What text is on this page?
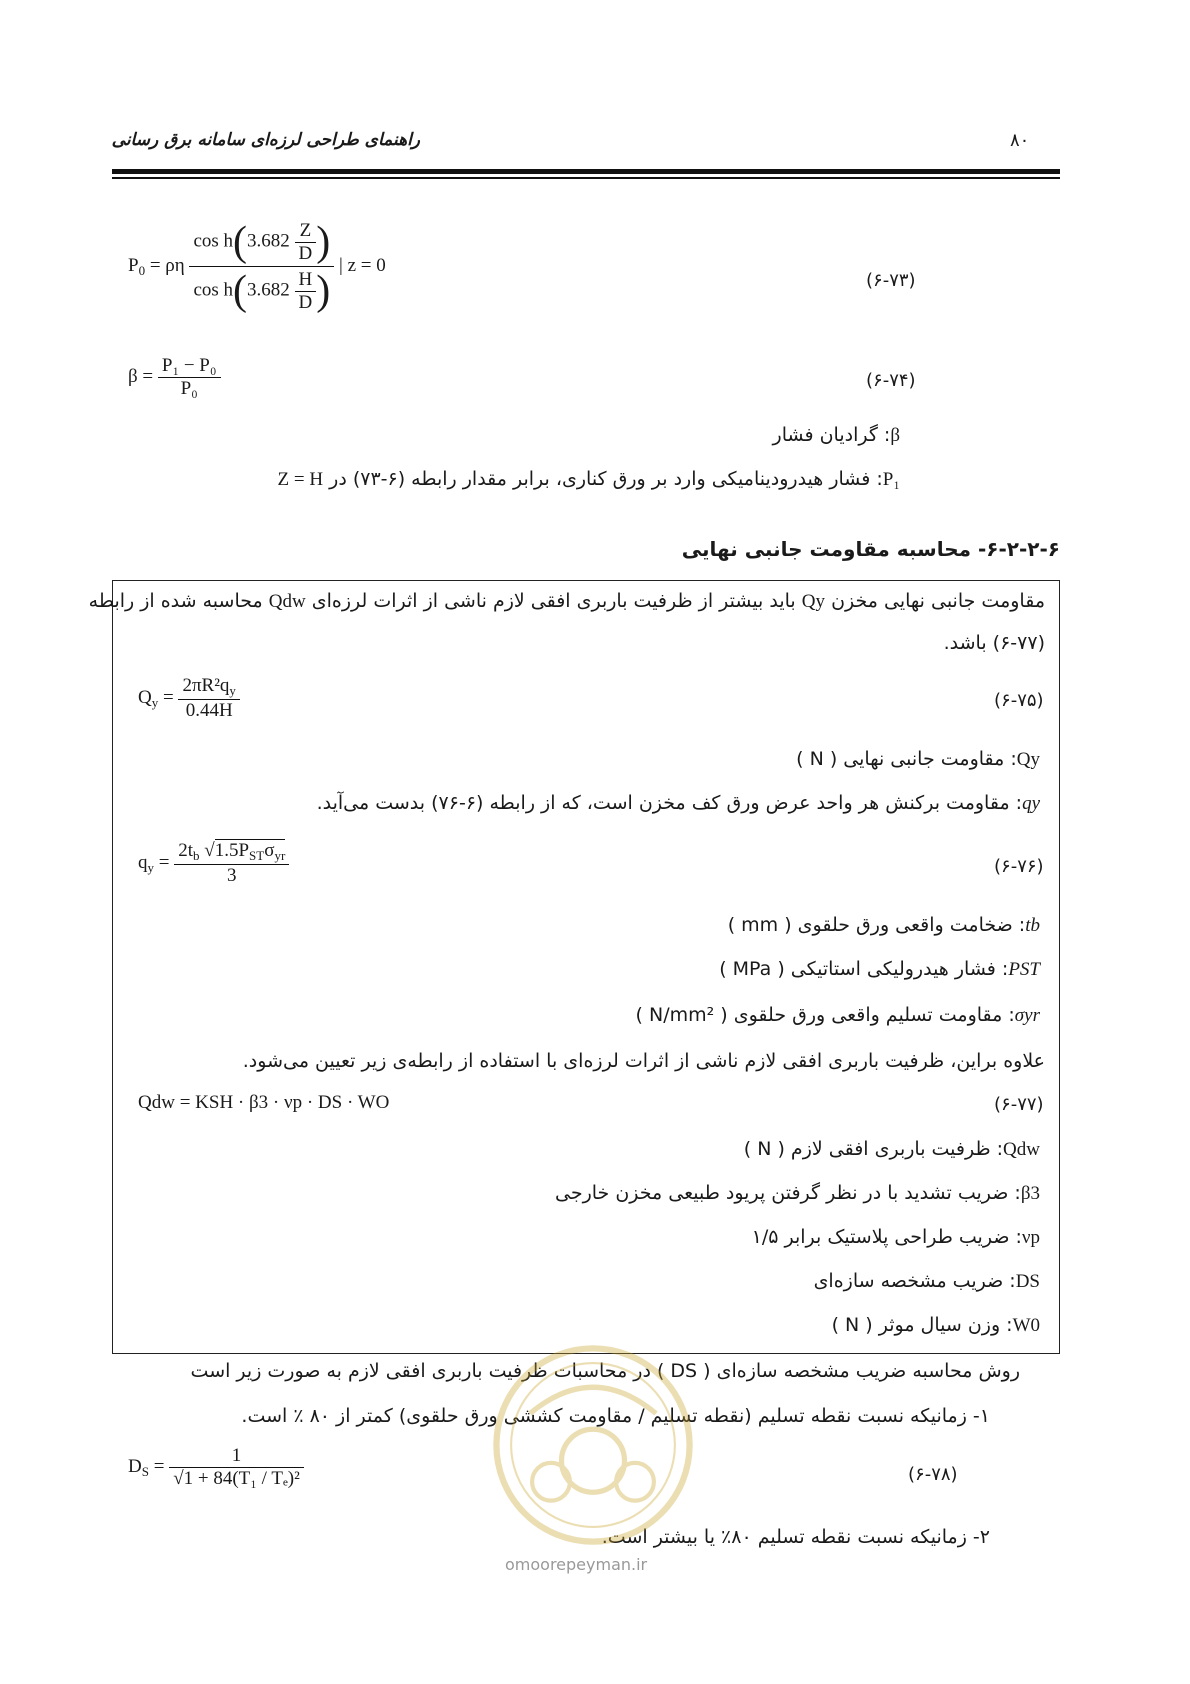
راهنمای طراحی لرزه‌ای سامانه برق رسانی	۸۰
$P_0 = \rho\eta \frac{\cos h(3.682 \frac{Z}{D} )}{\cos h(3.682 \frac{H}{D} )}$ | z = 0
(۶-۷۳)
$\beta = \frac{\text{P₁ − P₀}}{\text{P₀}}$	(۶-۷۴)
β: گرادیان فشار
P₁: فشار هیدرودینامیکی وارد بر ورق کناری، برابر مقدار رابطه (۶-۷۳) در Z = H
۶-۲-۲-۶- محاسبه مقاومت جانبی نهایی
مقاومت جانبی نهایی مخزن Qy باید بیشتر از ظرفیت باربری افقی لازم ناشی از اثرات لرزه‌ای Qdw محاسبه شده از رابطه
(۶-۷۷) باشد.
$Q_y = \frac{2\pi R^2q_y}{0.44H}$	(۶-۷۵)
Qy: مقاومت جانبی نهایی ( N )
qy: مقاومت برکنش هر واحد عرض ورق کف مخزن است، که از رابطه (۶-۷۶) بدست می‌آید.
$q_y = \frac{2t_b √1.5P_{ST}\sigma_{yr}}{3}$	(۶-۷۶)
tb: ضخامت واقعی ورق حلقوی ( mm )
PST: فشار هیدرولیکی استاتیکی ( MPa )
σyr: مقاومت تسلیم واقعی ورق حلقوی ( N/mm² )
علاوه براین، ظرفیت باربری افقی لازم ناشی از اثرات لرزه‌ای با استفاده از رابطه‌ی زیر تعیین می‌شود.
Qdw = KSH · β3 · νp · DS · WO	(۶-۷۷)
Qdw: ظرفیت باربری افقی لازم ( N )
β3: ضریب تشدید با در نظر گرفتن پریود طبیعی مخزن خارجی
νp: ضریب طراحی پلاستیک برابر ۱/۵
DS: ضریب مشخصه سازه‌ای
W0: وزن سیال موثر ( N )
روش محاسبه ضریب مشخصه سازه‌ای ( DS ) در محاسبات ظرفیت باربری افقی لازم به صورت زیر است
۱- زمانیکه نسبت نقطه تسلیم (نقطه تسلیم / مقاومت کششی ورق حلقوی) کمتر از ۸۰ ٪ است.
$D_S = \frac{1}{\text{√1 + 84(T₁ / Tₑ)²}}$	(۶-۷۸)
۲- زمانیکه نسبت نقطه تسلیم ۸۰٪ یا بیشتر است.
omoorepeyman.ir
